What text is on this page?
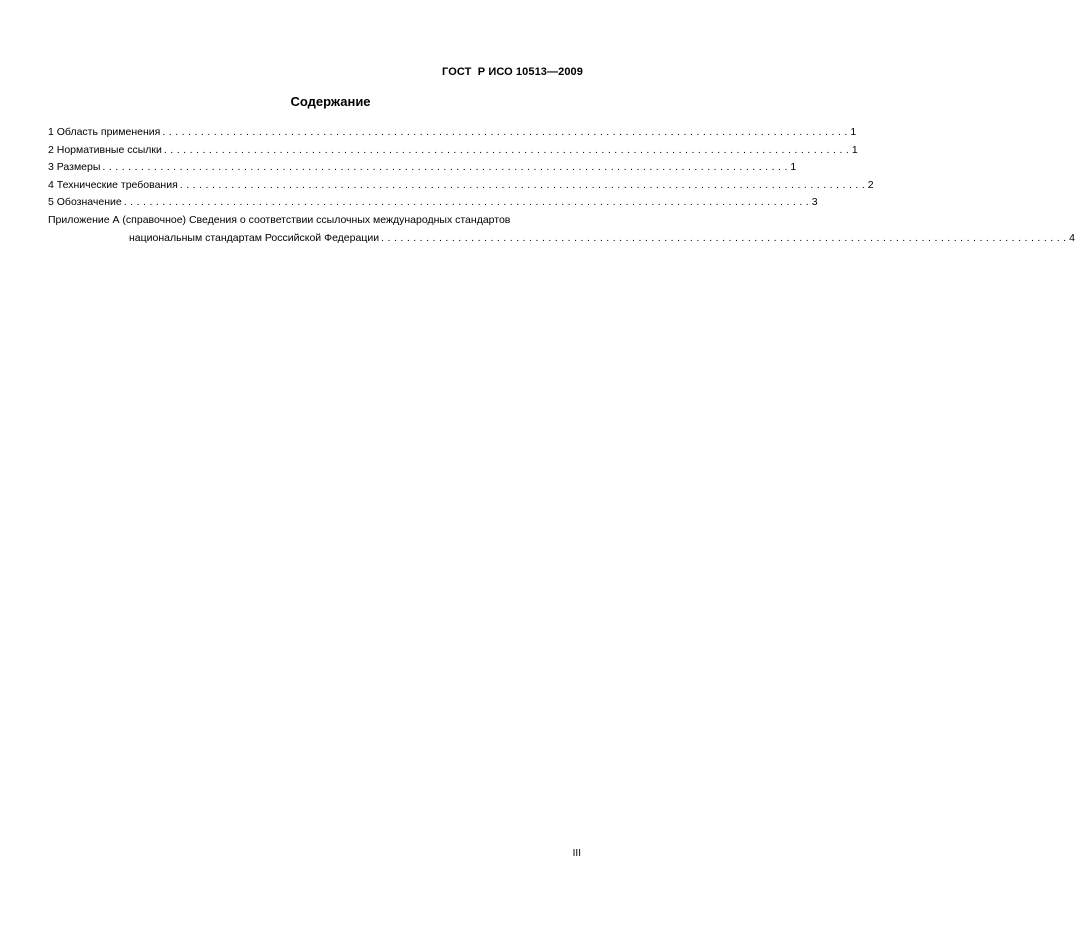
ГОСТ  Р ИСО 10513—2009
Содержание
1 Область применения . . .	1
2 Нормативные ссылки . . .	1
3 Размеры . . .	1
4 Технические требования . . .	2
5 Обозначение . . .	3
Приложение А (справочное) Сведения о соответствии ссылочных международных стандартов
национальным стандартам Российской Федерации . . .	4
III
